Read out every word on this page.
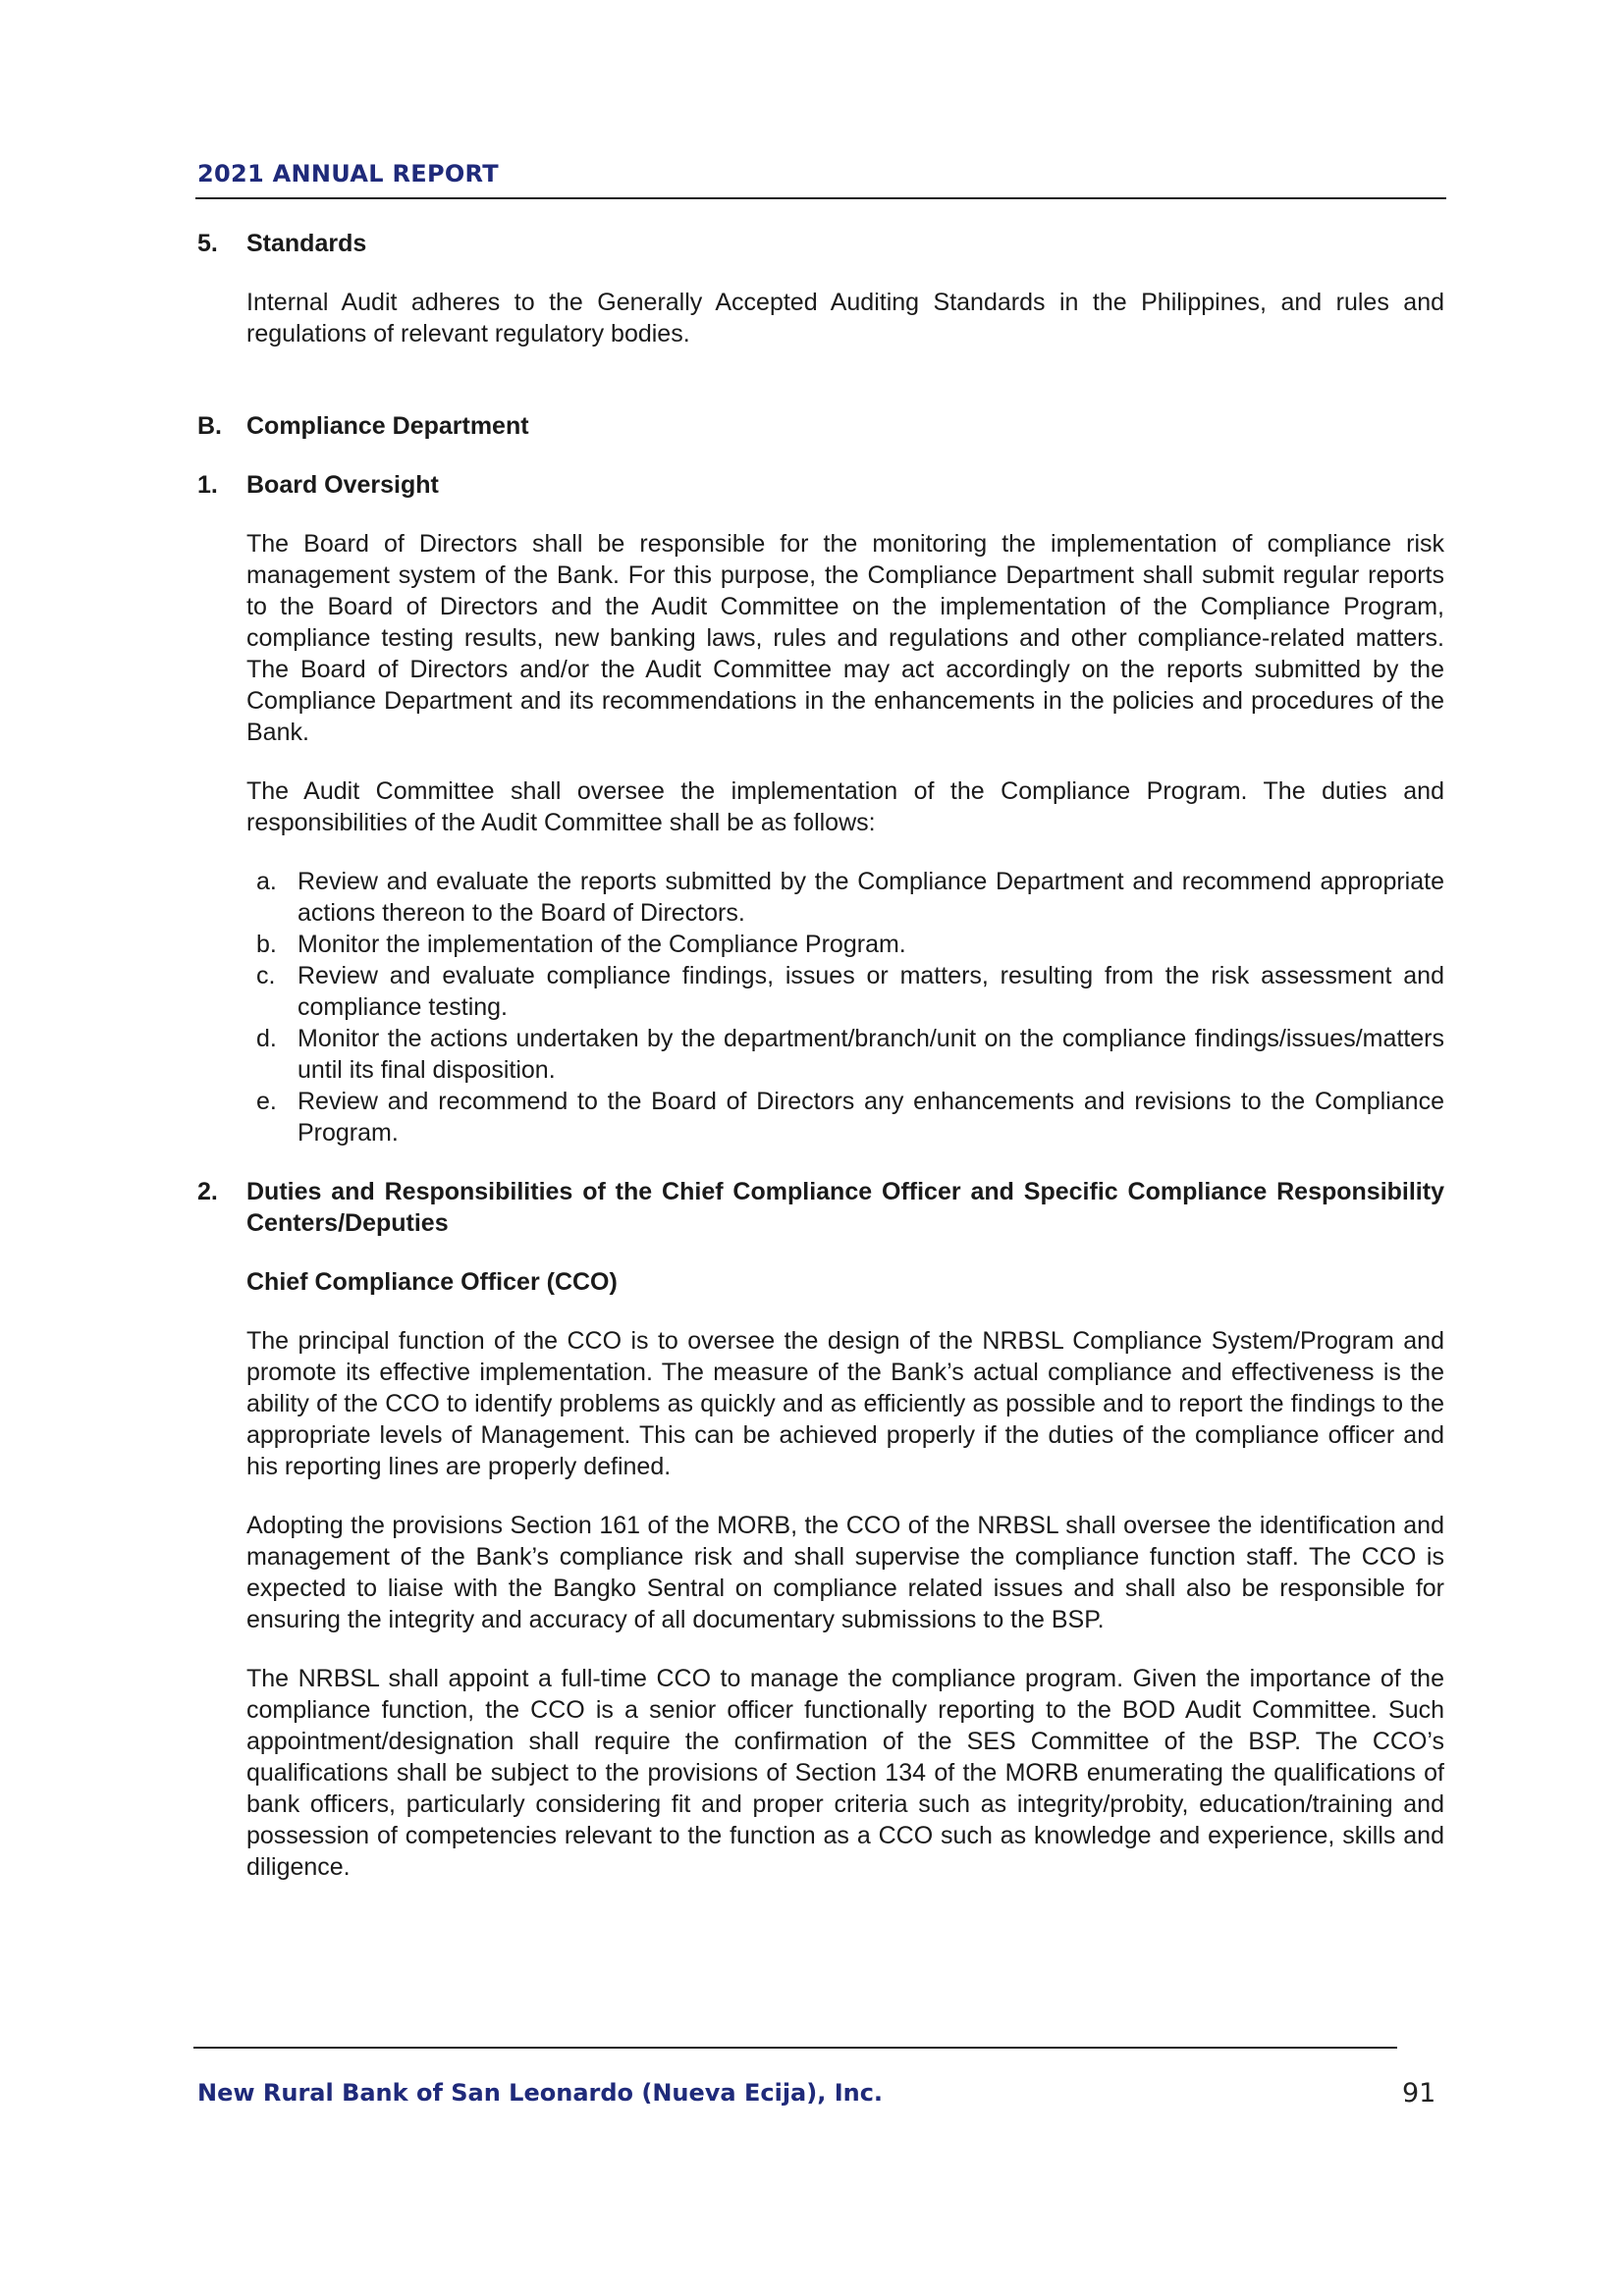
2021 ANNUAL REPORT
5.	Standards
Internal Audit adheres to the Generally Accepted Auditing Standards in the Philippines, and rules and regulations of relevant regulatory bodies.
B.	Compliance Department
1.	Board Oversight
The Board of Directors shall be responsible for the monitoring the implementation of compliance risk management system of the Bank. For this purpose, the Compliance Department shall submit regular reports to the Board of Directors and the Audit Committee on the implementation of the Compliance Program, compliance testing results, new banking laws, rules and regulations and other compliance-related matters. The Board of Directors and/or the Audit Committee may act accordingly on the reports submitted by the Compliance Department and its recommendations in the enhancements in the policies and procedures of the Bank.
The Audit Committee shall oversee the implementation of the Compliance Program. The duties and responsibilities of the Audit Committee shall be as follows:
a. Review and evaluate the reports submitted by the Compliance Department and recommend appropriate actions thereon to the Board of Directors.
b. Monitor the implementation of the Compliance Program.
c. Review and evaluate compliance findings, issues or matters, resulting from the risk assessment and compliance testing.
d. Monitor the actions undertaken by the department/branch/unit on the compliance findings/issues/matters until its final disposition.
e. Review and recommend to the Board of Directors any enhancements and revisions to the Compliance Program.
2.	Duties and Responsibilities of the Chief Compliance Officer and Specific Compliance Responsibility Centers/Deputies
Chief Compliance Officer (CCO)
The principal function of the CCO is to oversee the design of the NRBSL Compliance System/Program and promote its effective implementation. The measure of the Bank’s actual compliance and effectiveness is the ability of the CCO to identify problems as quickly and as efficiently as possible and to report the findings to the appropriate levels of Management. This can be achieved properly if the duties of the compliance officer and his reporting lines are properly defined.
Adopting the provisions Section 161 of the MORB, the CCO of the NRBSL shall oversee the identification and management of the Bank’s compliance risk and shall supervise the compliance function staff. The CCO is expected to liaise with the Bangko Sentral on compliance related issues and shall also be responsible for ensuring the integrity and accuracy of all documentary submissions to the BSP.
The NRBSL shall appoint a full-time CCO to manage the compliance program. Given the importance of the compliance function, the CCO is a senior officer functionally reporting to the BOD Audit Committee. Such appointment/designation shall require the confirmation of the SES Committee of the BSP. The CCO’s qualifications shall be subject to the provisions of Section 134 of the MORB enumerating the qualifications of bank officers, particularly considering fit and proper criteria such as integrity/probity, education/training and possession of competencies relevant to the function as a CCO such as knowledge and experience, skills and diligence.
New Rural Bank of San Leonardo (Nueva Ecija), Inc.	91
